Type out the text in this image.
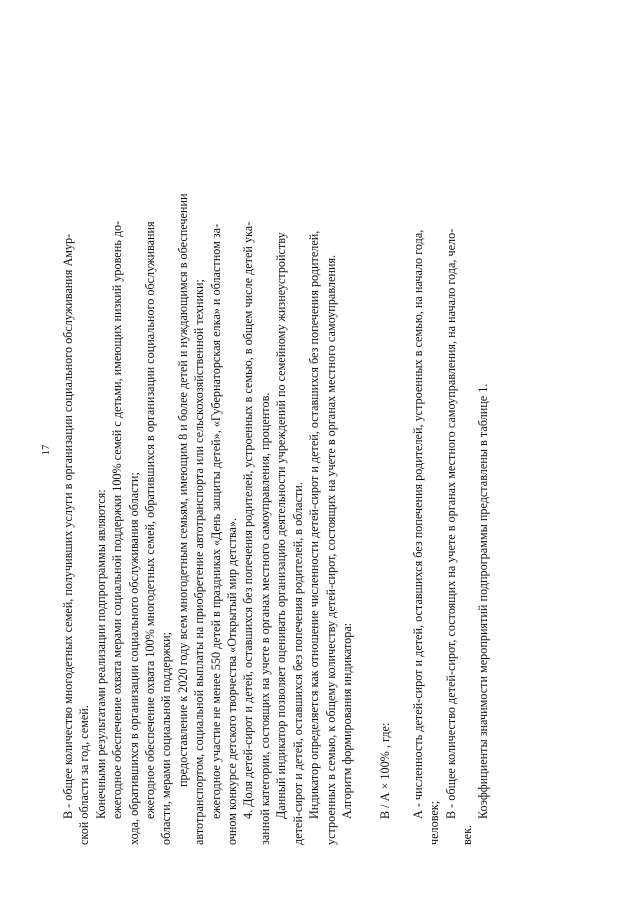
17 В - общее количество многодетных семей, получивших услуги в организации социального обслуживания Амур- ской области за год, семей. Конечными результатами реализации подпрограммы являются: ежегодное обеспечение охвата мерами социальной поддержки 100% семей с детьми, имеющих низкий уровень до- хода, обратившихся в организации социального обслуживания области; ежегодное обеспечение охвата 100% многодетных семей, обратившихся в организации социального обслуживания области, мерами социальной поддержки; предоставление к 2020 году всем многодетным семьям, имеющим 8 и более детей и нуждающимся в обеспечении автотранспортом, социальной выплаты на приобретение автотранспорта или сельскохозяйственной техники; ежегодное участие не менее 550 детей в праздниках «День защиты детей», «Губернаторская елка» и областном за- очном конкурсе детского творчества «Открытый мир детства». 4. Доля детей-сирот и детей, оставшихся без попечения родителей, устроенных в семью, в общем числе детей ука- занной категории, состоящих на учете в органах местного самоуправления, процентов. Данный индикатор позволяет оценивать организацию деятельности учреждений по семейному жизнеустройству детей-сирот и детей, оставшихся без попечения родителей, в области. Индикатор определяется как отношение численности детей-сирот и детей, оставшихся без попечения родителей, устроенных в семью, к общему количеству детей-сирот, состоящих на учете в органах местного самоуправления. Алгоритм формирования индикатора: В / А × 100% , где: А - численность детей-сирот и детей, оставшихся без попечения родителей, устроенных в семью, на начало года,
человек;
В - общее количество детей-сирот, состоящих на учете в органах местного самоуправления, на начало года, чело-
век.
Коэффициенты значимости мероприятий подпрограммы представлены в таблице 1.
